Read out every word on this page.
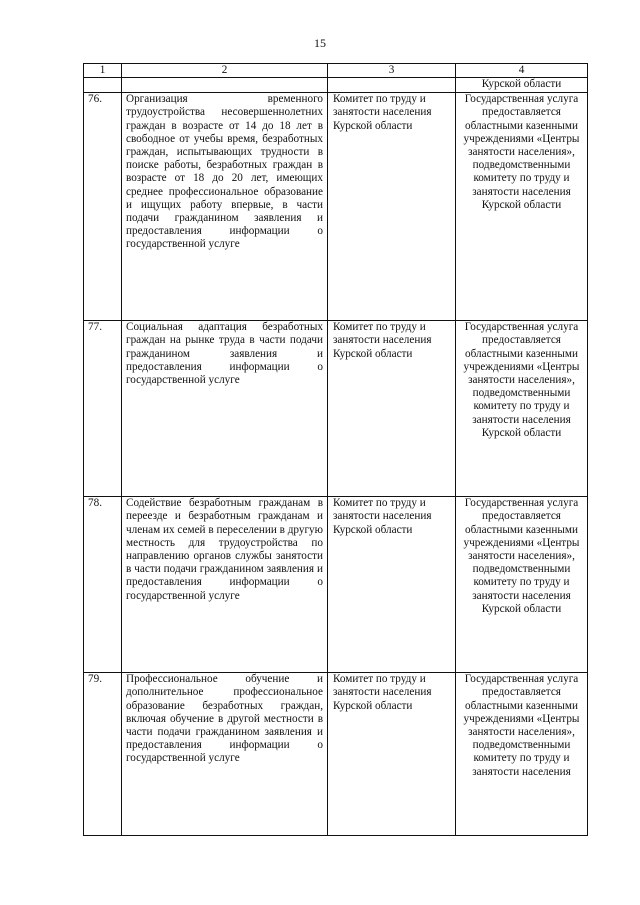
15
1	2	3	4
			Курской области
76.	Организация временного трудоустройства несовершеннолетних граждан в возрасте от 14 до 18 лет в свободное от учебы время, безработных граждан, испытывающих трудности в поиске работы, безработных граждан в возрасте от 18 до 20 лет, имеющих среднее профессиональное образование и ищущих работу впервые, в части подачи гражданином заявления и предоставления информации о государственной услуге	Комитет по труду и занятости населения Курской области	Государственная услуга предоставляется областными казенными учреждениями «Центры занятости населения», подведомственными комитету по труду и занятости населения Курской области
77.	Социальная адаптация безработных граждан на рынке труда в части подачи гражданином заявления и предоставления информации о государственной услуге	Комитет по труду и занятости населения Курской области	Государственная услуга предоставляется областными казенными учреждениями «Центры занятости населения», подведомственными комитету по труду и занятости населения Курской области
78.	Содействие безработным гражданам в переезде и безработным гражданам и членам их семей в переселении в другую местность для трудоустройства по направлению органов службы занятости в части подачи гражданином заявления и предоставления информации о государственной услуге	Комитет по труду и занятости населения Курской области	Государственная услуга предоставляется областными казенными учреждениями «Центры занятости населения», подведомственными комитету по труду и занятости населения Курской области
79.	Профессиональное обучение и дополнительное профессиональное образование безработных граждан, включая обучение в другой местности в части подачи гражданином заявления и предоставления информации о государственной услуге	Комитет по труду и занятости населения Курской области	Государственная услуга предоставляется областными казенными учреждениями «Центры занятости населения», подведомственными комитету по труду и занятости населения
